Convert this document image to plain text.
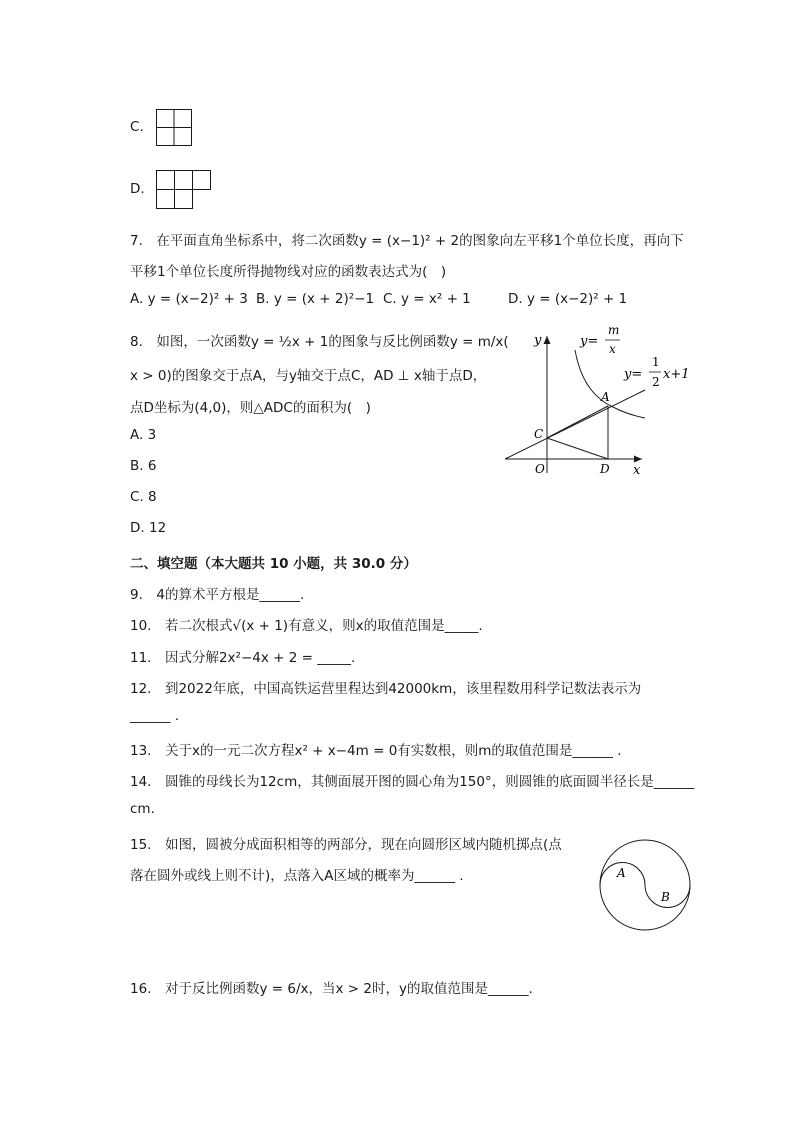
C.
D.
7.　在平面直角坐标系中，将二次函数y = (x−1)² + 2的图象向左平移1个单位长度，再向下
平移1个单位长度所得抛物线对应的函数表达式为(　)
A. y = (x−2)² + 3 B. y = (x + 2)²−1 C. y = x² + 1	D. y = (x−2)² + 1
8.　如图，一次函数y = ½x + 1的图象与反比例函数y = m/x(
x > 0)的图象交于点A，与y轴交于点C，AD ⊥ x轴于点D，
点D坐标为(4,0)，则△ADC的面积为(　)
A. 3
B. 6
C. 8
D. 12
y
x
O
C
D
A
y=
m
x
y=
1
2 x+1
二、填空题（本大题共 10 小题，共 30.0 分）
9.　4的算术平方根是______.
10.　若二次根式√(x + 1)有意义，则x的取值范围是_____.
11.　因式分解2x²−4x + 2 = _____.
12.　到2022年底，中国高铁运营里程达到42000km，该里程数用科学记数法表示为
______ .
13.　关于x的一元二次方程x² + x−4m = 0有实数根，则m的取值范围是______ .
14.　圆锥的母线长为12cm，其侧面展开图的圆心角为150°，则圆锥的底面圆半径长是______
cm.
15.　如图，圆被分成面积相等的两部分，现在向圆形区域内随机掷点(点
落在圆外或线上则不计)，点落入A区域的概率为______ .	A
B
16.　对于反比例函数y = 6/x，当x > 2时，y的取值范围是______.
